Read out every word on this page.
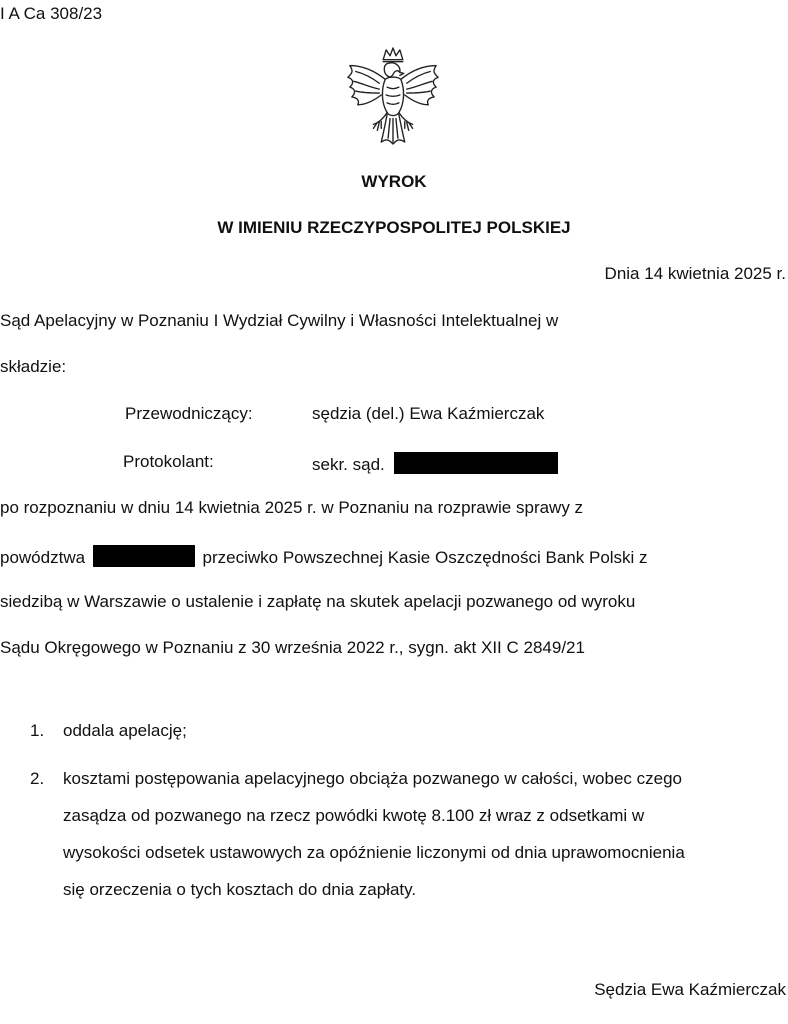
I A Ca 308/23
WYROK
W IMIENIU RZECZYPOSPOLITEJ POLSKIEJ
Dnia 14 kwietnia 2025 r.
Sąd Apelacyjny w Poznaniu I Wydział Cywilny i Własności Intelektualnej w
składzie:
Przewodniczący:	sędzia (del.) Ewa Kaźmierczak
Protokolant:	sekr. sąd.
po rozpoznaniu w dniu 14 kwietnia 2025 r. w Poznaniu na rozprawie sprawy z
powództwa	przeciwko Powszechnej Kasie Oszczędności Bank Polski z
siedzibą w Warszawie o ustalenie i zapłatę na skutek apelacji pozwanego od wyroku
Sądu Okręgowego w Poznaniu z 30 września 2022 r., sygn. akt XII C 2849/21
1. oddala apelację;
2. kosztami postępowania apelacyjnego obciąża pozwanego w całości, wobec czego
zasądza od pozwanego na rzecz powódki kwotę 8.100 zł wraz z odsetkami w
wysokości odsetek ustawowych za opóźnienie liczonymi od dnia uprawomocnienia
się orzeczenia o tych kosztach do dnia zapłaty.
Sędzia Ewa Kaźmierczak
